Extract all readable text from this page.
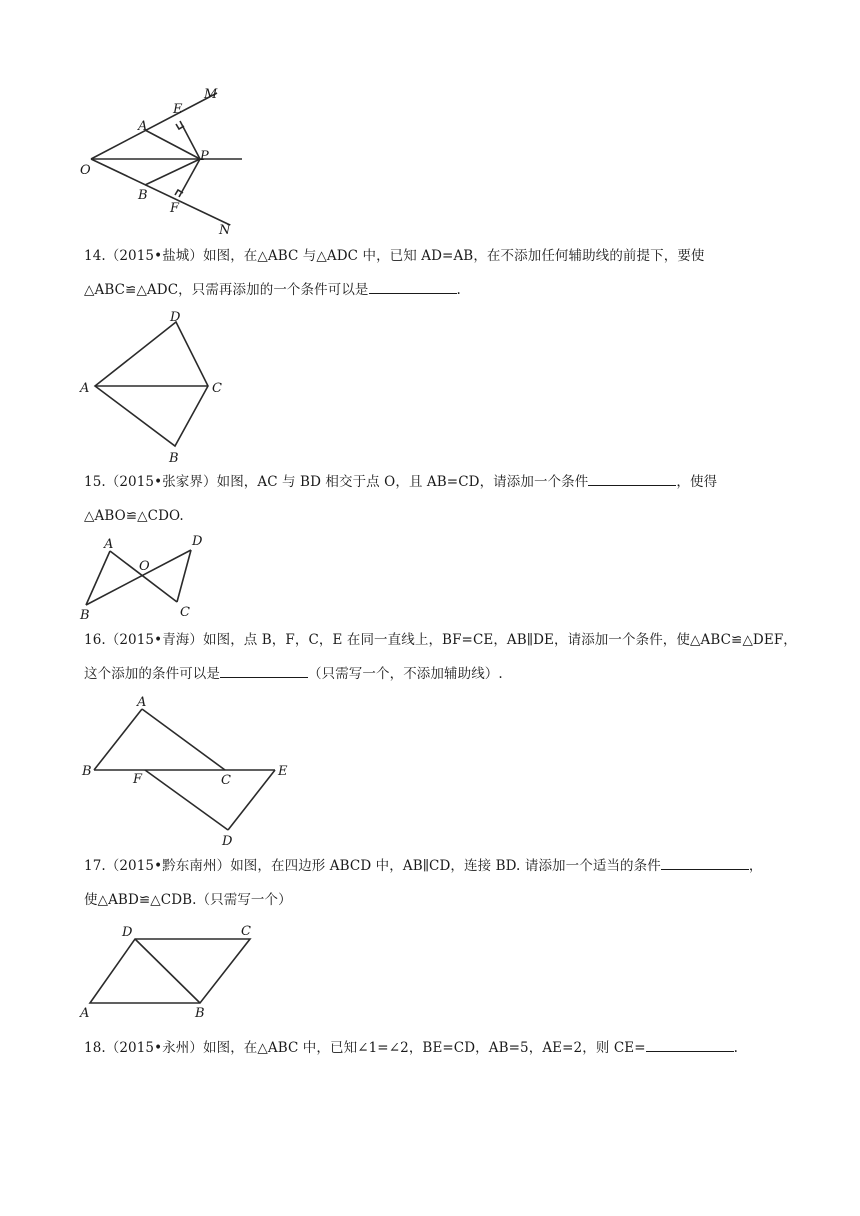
O
A
E
M
P
B
F
N
14.（2015•盐城）如图，在△ABC 与△ADC 中，已知 AD=AB，在不添加任何辅助线的前提下，要使
△ABC≌△ADC，只需再添加的一个条件可以是	.
D
A	C
B
15.（2015•张家界）如图，AC 与 BD 相交于点 O，且 AB=CD，请添加一个条件	，使得
△ABO≌△CDO.
A
O
D
B	C
16.（2015•青海）如图，点 B，F，C，E 在同一直线上，BF=CE，AB∥DE，请添加一个条件，使△ABC≌△DEF，
这个添加的条件可以是	（只需写一个，不添加辅助线）.
A
B
F	C
E
D
17.（2015•黔东南州）如图，在四边形 ABCD 中，AB∥CD，连接 BD. 请添加一个适当的条件	，
使△ABD≌△CDB.（只需写一个）
D	C
A	B
18.（2015•永州）如图，在△ABC 中，已知∠1=∠2，BE=CD，AB=5，AE=2，则 CE=	.
